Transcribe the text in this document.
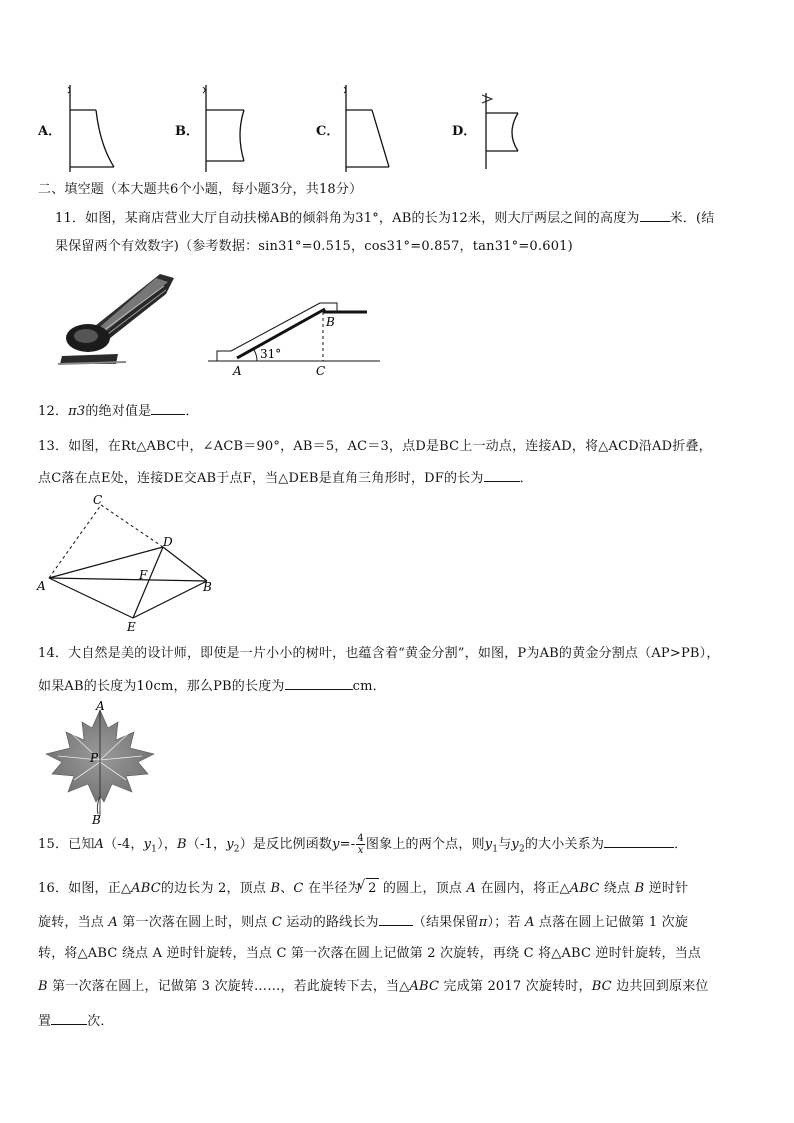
A．	B．	C．	D．
二、填空题（本大题共6个小题，每小题3分，共18分）
11．如图，某商店营业大厅自动扶梯AB的倾斜角为31°，AB的长为12米，则大厅两层之间的高度为 米．(结
果保留两个有效数字)（参考数据：sin31°=0.515，cos31°=0.857，tan31°=0.601)
31°
A
B
C
12．π3的绝对值是	．
13．如图，在Rt△ABC中，∠ACB＝90°，AB＝5，AC＝3，点D是BC上一动点，连接AD，将△ACD沿AD折叠，
点C落在点E处，连接DE交AB于点F，当△DEB是直角三角形时，DF的长为	．
C
D
A
F
B
E
14．大自然是美的设计师，即使是一片小小的树叶，也蕴含着“黄金分割”，如图，P为AB的黄金分割点（AP>PB），
如果AB的长度为10cm，那么PB的长度为	cm．
A
P
B
15．已知A（-4，$y_1$），B（-1，$y_2$）是反比例函数$y=- \frac{4}{x}$ 图象上的两个点，则$y_1$与$y_2$的大小关系为	．
16．如图，正△ABC的边长为 2，顶点 B、C 在半径为 √ 2 的圆上，顶点 A 在圆内，将正△ABC 绕点 B 逆时针
旋转，当点 A 第一次落在圆上时，则点 C 运动的路线长为	（结果保留π）；若 A 点落在圆上记做第 1 次旋
转，将△ABC 绕点 A 逆时针旋转，当点 C 第一次落在圆上记做第 2 次旋转，再绕 C 将△ABC 逆时针旋转，当点
B 第一次落在圆上，记做第 3 次旋转……，若此旋转下去，当△ABC 完成第 2017 次旋转时，BC 边共回到原来位
置	次．
